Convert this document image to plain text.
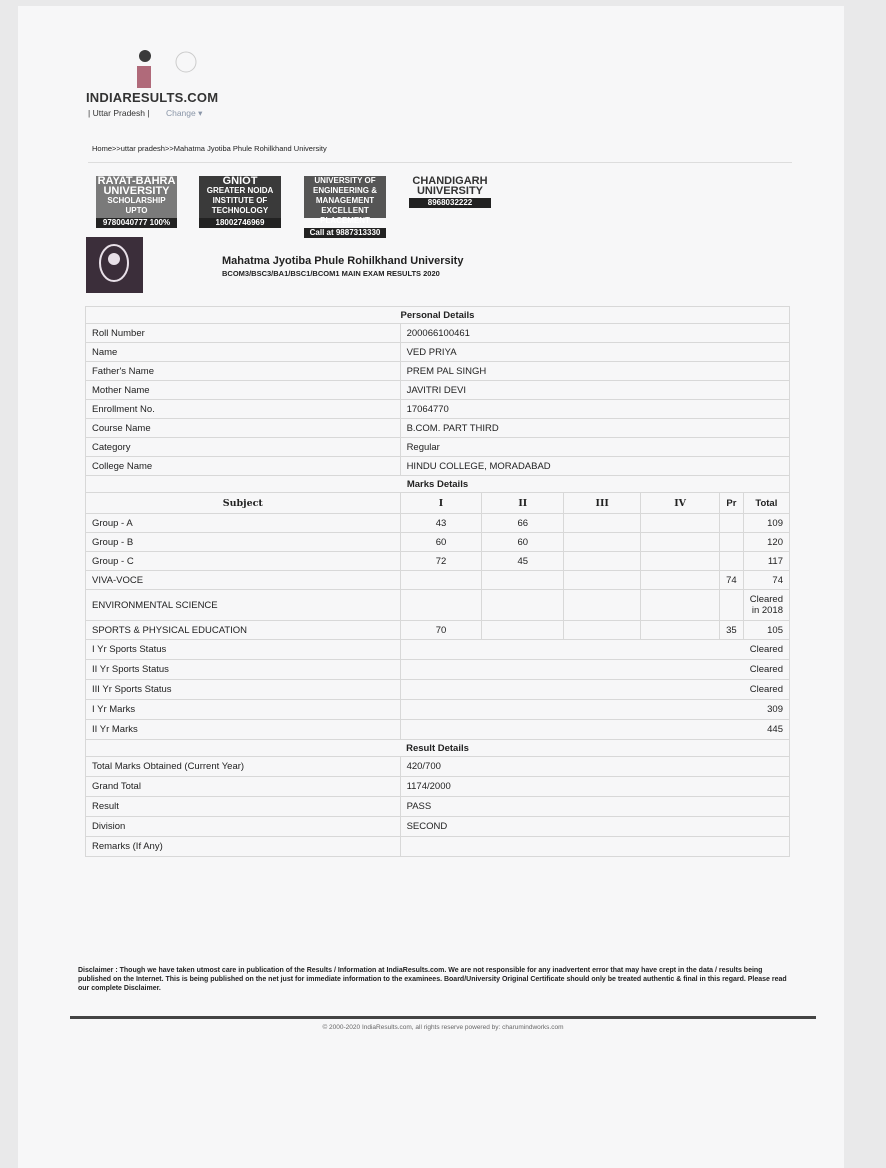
INDIARESULTS.COM
| Uttar Pradesh | Change ▾
Home>>uttar pradesh>>Mahatma Jyotiba Phule Rohilkhand University
RAYAT-BAHRA UNIVERSITY
SCHOLARSHIP UPTO
9780040777 100%
GNIOT
GREATER NOIDA INSTITUTE OF TECHNOLOGY
18002746969
UNIVERSITY OF ENGINEERING & MANAGEMENT EXCELLENT PLACEMENT
Call at 9887313330
CHANDIGARH UNIVERSITY
8968032222
Mahatma Jyotiba Phule Rohilkhand University
BCOM3/BSC3/BA1/BSC1/BCOM1 MAIN EXAM RESULTS 2020
Personal Details						
Roll Number	200066100461					
Name	VED PRIYA					
Father's Name	PREM PAL SINGH					
Mother Name	JAVITRI DEVI					
Enrollment No.	17064770					
Course Name	B.COM. PART THIRD					
Category	Regular					
College Name	HINDU COLLEGE, MORADABAD					
Marks Details						
Subject	I	II	III	IV	Pr	Total
Group - A	43	66				109
Group - B	60	60				120
Group - C	72	45				117
VIVA-VOCE					74	74
ENVIRONMENTAL SCIENCE						Cleared in 2018
SPORTS & PHYSICAL EDUCATION	70				35	105
I Yr Sports Status	Cleared					
II Yr Sports Status	Cleared					
III Yr Sports Status	Cleared					
I Yr Marks	309					
II Yr Marks	445					
Result Details						
Total Marks Obtained (Current Year)	420/700					
Grand Total	1174/2000					
Result	PASS					
Division	SECOND					
Remarks (If Any)						
Disclaimer : Though we have taken utmost care in publication of the Results / Information at IndiaResults.com. We are not responsible for any inadvertent error that may have crept in the data / results being published on the Internet. This is being published on the net just for immediate information to the examinees. Board/University Original Certificate should only be treated authentic & final in this regard. Please read our complete Disclaimer.
© 2000-2020 IndiaResults.com, all rights reserve powered by: charumindworks.com
